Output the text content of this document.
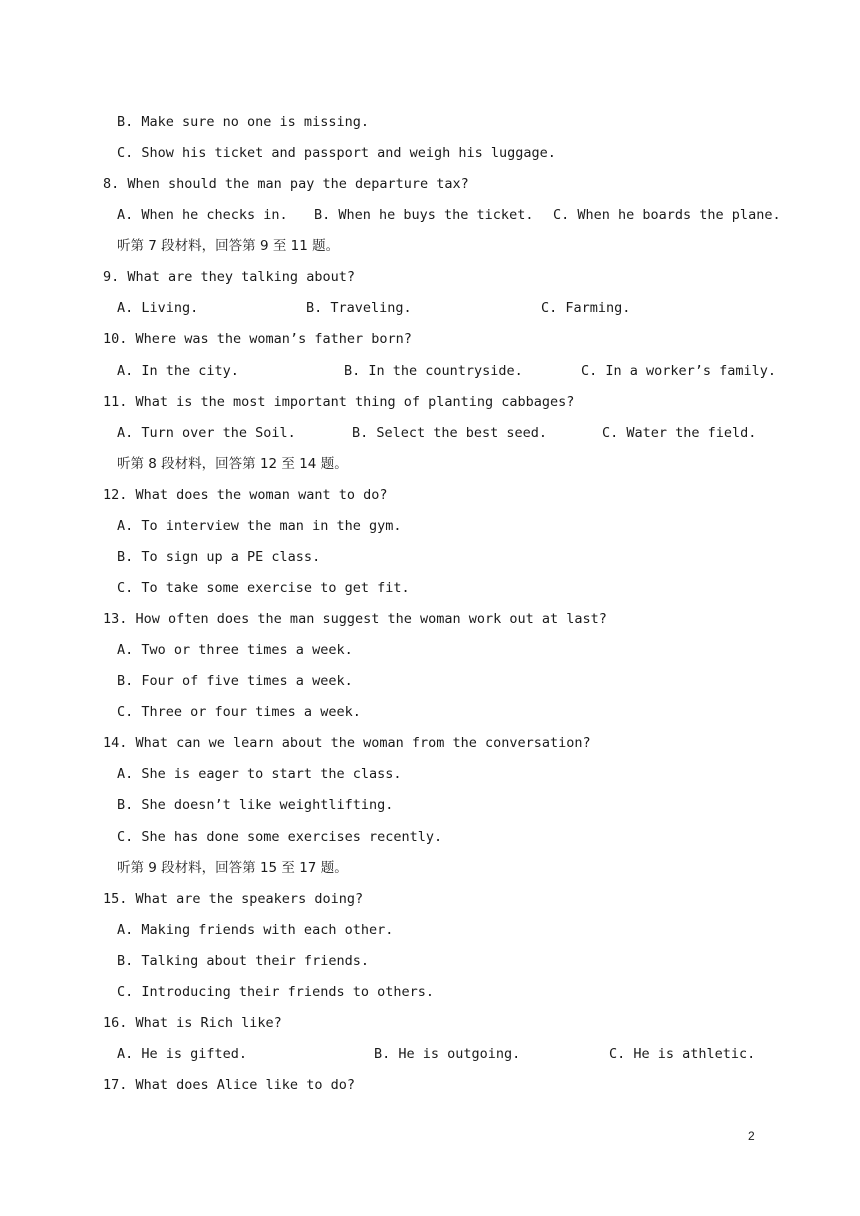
B. Make sure no one is missing.
C. Show his ticket and passport and weigh his luggage.
8. When should the man pay the departure tax?
A. When he checks in. B. When he buys the ticket. C. When he boards the plane.
听第 7 段材料，回答第 9 至 11 题。
9. What are they talking about?
A. Living.	B. Traveling.	C. Farming.
10. Where was the woman’s father born?
A. In the city.	B. In the countryside.	C. In a worker’s family.
11. What is the most important thing of planting cabbages?
A. Turn over the Soil.	B. Select the best seed.	C. Water the field.
听第 8 段材料，回答第 12 至 14 题。
12. What does the woman want to do?
A. To interview the man in the gym.
B. To sign up a PE class.
C. To take some exercise to get fit.
13. How often does the man suggest the woman work out at last?
A. Two or three times a week.
B. Four of five times a week.
C. Three or four times a week.
14. What can we learn about the woman from the conversation?
A. She is eager to start the class.
B. She doesn’t like weightlifting.
C. She has done some exercises recently.
听第 9 段材料，回答第 15 至 17 题。
15. What are the speakers doing?
A. Making friends with each other.
B. Talking about their friends.
C. Introducing their friends to others.
16. What is Rich like?
A. He is gifted.	B. He is outgoing.	C. He is athletic.
17. What does Alice like to do?
2
